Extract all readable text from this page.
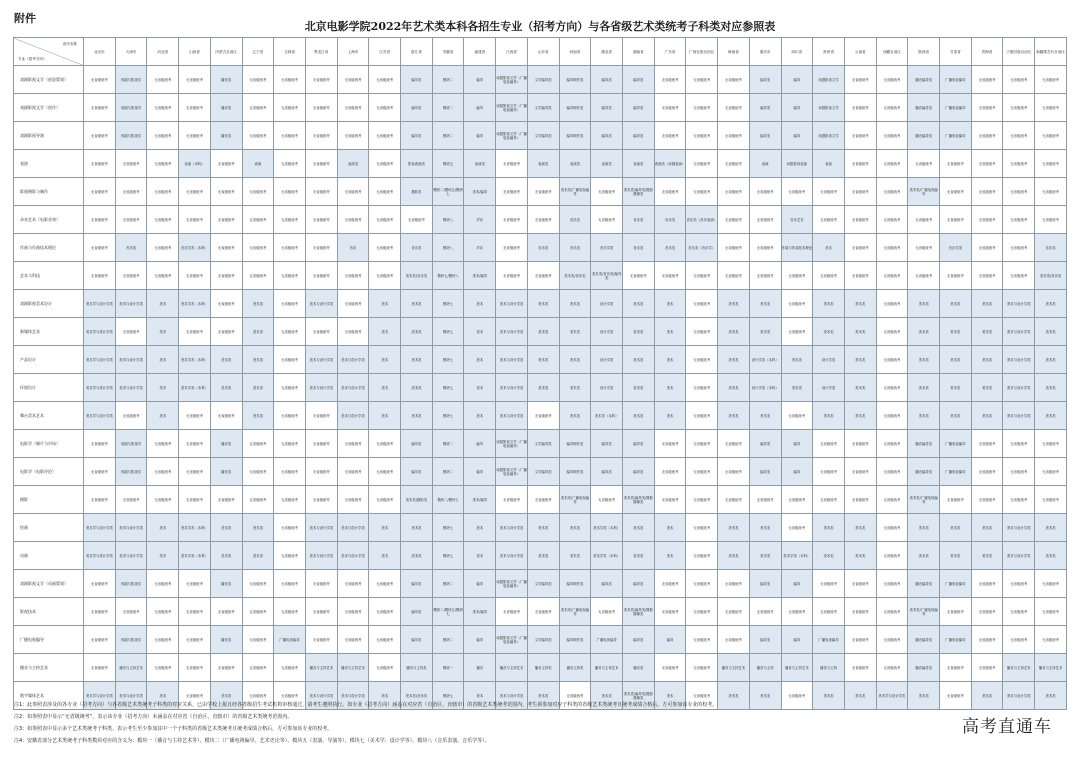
附件
北京电影学院2022年艺术类本科各招生专业（招考方向）与各省级艺术类统考子科类对应参照表
省市名称
专业（招考方向）	北京市	天津市	河北省	山西省	内蒙古自治区	辽宁省	吉林省	黑龙江省	上海市	江苏省	浙江省	安徽省	福建省	江西省	山东省	河南省	湖北省	湖南省	广东省	广西壮族自治区	海南省	重庆市	四川省	贵州省	云南省	西藏自治区	陕西省	甘肃省	青海省	宁夏回族自治区	新疆维吾尔自治区
戏剧影视文学（创意策划）	无省级统考	戏剧与影视学	无省级统考	无省级统考	播音类	无省级统考	无省级统考	无省级统考	无省级统考	无省级统考	编导类	模块二	编导	戏剧影视文学（广播电视编导）	文学编导类	编导制作类	编导类	编导类	无省级统考	无省级统考	无省级统考	编导类	编导	戏剧影视文学	无省级统考	无省级统考	播音编导类	广播电视编导	无省级统考	无省级统考	无省级统考
戏剧影视文学（创作）	无省级统考	戏剧与影视学	无省级统考	无省级统考	播音类	无省级统考	无省级统考	无省级统考	无省级统考	无省级统考	编导类	模块二	编导	戏剧影视文学（广播电视编导）	文学编导类	编导制作类	编导类	编导类	无省级统考	无省级统考	无省级统考	编导类	编导	戏剧影视文学	无省级统考	无省级统考	播音编导类	广播电视编导	无省级统考	无省级统考	无省级统考
戏剧影视导演	无省级统考	戏剧与影视学	无省级统考	无省级统考	播音类	无省级统考	无省级统考	无省级统考	无省级统考	无省级统考	编导类	模块二	编导	戏剧影视文学（广播电视编导）	文学编导类	编导制作类	编导类	编导类	无省级统考	无省级统考	无省级统考	编导类	编导	戏剧影视文学	无省级统考	无省级统考	播音编导类	广播电视编导	无省级统考	无省级统考	无省级统考
表演	无省级统考	无省级统考	无省级统考	表演（本科）	无省级统考	表演	无省级统考	无省级统考	表演类	无省级统考	影视表演类	模块五	表演类	无省级统考	表演类	表演类	表演类	表演类	表演类（戏剧表演）	无省级统考	无省级统考	表演	戏剧影视表演	表演	无省级统考	无省级统考	无省级统考	无省级统考	无省级统考	无省级统考	无省级统考
影视摄影与制作	无省级统考	无省级统考	无省级统考	无省级统考	无省级统考	无省级统考	无省级统考	无省级统考	无省级统考	无省级统考	摄影类	模块二/模块五/模块七	美术/编导	无省级统考	无省级统考	美术类/广播电视编导	无省级统考	美术类/编导类/摄影摄像类	无省级统考	无省级统考	无省级统考	无省级统考	无省级统考	无省级统考	无省级统考	无省级统考	美术类/广播电视编导	无省级统考	无省级统考	无省级统考	无省级统考
录音艺术（电影音效）	无省级统考	无省级统考	无省级统考	无省级统考	无省级统考	无省级统考	无省级统考	无省级统考	无省级统考	无省级统考	无省级统考	模块八	声乐	无省级统考	无省级统考	音乐类	无省级统考	音乐类	音乐类	音乐类（音乐表演）	无省级统考	无省级统考	音乐艺术	无省级统考	无省级统考	无省级统考	无省级统考	无省级统考	无省级统考	无省级统考	无省级统考
作曲与作曲技术理论	无省级统考	音乐类	无省级统考	音乐学类（本科）	无省级统考	无省级统考	无省级统考	无省级统考	音乐	无省级统考	音乐类	模块八	声乐	无省级统考	音乐类	音乐类	音乐学类	音乐类	音乐类	音乐类（音乐学）	无省级统考	无省级统考	作曲与作曲技术理论	音乐	无省级统考	无省级统考	无省级统考	音乐学类	无省级统考	无省级统考	音乐类
艺术与科技	无省级统考	无省级统考	无省级统考	无省级统考	无省级统考	无省级统考	无省级统考	无省级统考	无省级统考	无省级统考	美术类/音乐类	模块七/模块八	美术/编导	无省级统考	无省级统考	美术类/音乐类	美术类/音乐类/编导类	无省级统考	无省级统考	无省级统考	无省级统考	无省级统考	无省级统考	无省级统考	无省级统考	无省级统考	无省级统考	无省级统考	无省级统考	无省级统考	美术类/音乐类
戏剧影视美术设计	美术学与设计学类	美术与设计学类	美术	美术学类（本科）	无省级统考	美术类	无省级统考	美术与设计学类	无省级统考	美术	美术类	模块七	美术	美术与设计学类	美术类	美术类	设计学类	美术类	美术	无省级统考	美术类	美术类	无省级统考	美术类	美术类	无省级统考	美术类	美术类	美术类	美术与设计学类	美术类
新媒体艺术	美术学与设计学类	无省级统考	美术	无省级统考	无省级统考	美术类	无省级统考	无省级统考	无省级统考	美术	美术类	模块七	美术	美术与设计学类	美术类	美术类	设计学类	美术类	美术	无省级统考	美术类	美术类	无省级统考	美术类	美术类	无省级统考	美术类	美术类	美术类	美术与设计学类	美术类
产品设计	美术学与设计学类	美术与设计学类	美术	美术学类（本科）	美术类	美术类	无省级统考	美术与设计学类	美术与设计学类	美术	美术类	模块七	美术	美术与设计学类	美术类	美术类	设计学类	美术类	美术	无省级统考	美术类	设计学类（本科）	美术类	设计学类	美术类	无省级统考	美术类	美术类	美术类	美术与设计学类	美术类
环境设计	美术学与设计学类	美术与设计学类	美术	美术学类（本科）	美术类	美术类	无省级统考	美术与设计学类	美术与设计学类	美术	美术类	模块七	美术	美术与设计学类	美术类	美术类	设计学类	美术类	美术	无省级统考	美术类	设计学类（本科）	美术类	设计学类	美术类	无省级统考	美术类	美术类	美术类	美术与设计学类	美术类
舞台美术艺术	美术学与设计学类	无省级统考	美术	无省级统考	无省级统考	美术类	无省级统考	无省级统考	美术与设计学类	美术	美术类	模块七	美术	美术与设计学类	无省级统考	美术类	美术类（本科）	美术类	美术	无省级统考	美术类	美术类	无省级统考	美术类	美术类	无省级统考	美术类	美术类	美术类	美术与设计学类	美术类
电影学（制片与市场）	无省级统考	戏剧与影视学	无省级统考	无省级统考	播音类	无省级统考	无省级统考	无省级统考	无省级统考	无省级统考	编导类	模块二	编导	戏剧影视文学（广播电视编导）	文学编导类	编导制作类	编导类	编导类	无省级统考	无省级统考	无省级统考	编导类	编导	无省级统考	无省级统考	无省级统考	播音编导类	广播电视编导	无省级统考	无省级统考	无省级统考
电影学（电影评论）	无省级统考	戏剧与影视学	无省级统考	无省级统考	播音类	无省级统考	无省级统考	无省级统考	无省级统考	无省级统考	编导类	模块二	编导	戏剧影视文学（广播电视编导）	文学编导类	编导制作类	编导类	编导类	无省级统考	无省级统考	无省级统考	编导类	编导	无省级统考	无省级统考	无省级统考	播音编导类	广播电视编导	无省级统考	无省级统考	无省级统考
摄影	无省级统考	无省级统考	无省级统考	无省级统考	无省级统考	无省级统考	无省级统考	无省级统考	无省级统考	无省级统考	美术类/摄影类	模块二/模块七	美术/编导	无省级统考	无省级统考	美术类/广播电视编导	无省级统考	美术类/编导类/摄影摄像类	无省级统考	无省级统考	无省级统考	无省级统考	无省级统考	无省级统考	无省级统考	无省级统考	美术类/广播电视编导	无省级统考	无省级统考	无省级统考	无省级统考
绘画	美术学与设计学类	美术与设计学类	美术	美术学类（本科）	美术类	美术类	无省级统考	美术与设计学类	美术与设计学类	美术	美术类	模块七	美术	美术与设计学类	美术类	美术类	美术学类（本科）	美术类	美术	无省级统考	美术类	美术类	无省级统考	美术类	美术类	无省级统考	美术类	美术类	美术类	美术与设计学类	美术类
动画	美术学与设计学类	美术与设计学类	美术	美术学类（本科）	美术类	美术类	无省级统考	美术与设计学类	美术与设计学类	美术	美术类	模块七	美术	美术与设计学类	美术类	美术类	美术学类（本科）	美术类	美术	无省级统考	美术类	美术类	美术学类（本科）	美术类	美术类	无省级统考	美术类	美术类	美术类	美术与设计学类	美术类
戏剧影视文学（动画策划）	无省级统考	戏剧与影视学	无省级统考	无省级统考	播音类	无省级统考	无省级统考	无省级统考	无省级统考	无省级统考	编导类	模块二	编导	戏剧影视文学（广播电视编导）	文学编导类	编导制作类	编导类	编导类	无省级统考	无省级统考	无省级统考	编导类	编导	无省级统考	无省级统考	无省级统考	播音编导类	广播电视编导	无省级统考	无省级统考	无省级统考
影视技术	无省级统考	无省级统考	无省级统考	无省级统考	无省级统考	无省级统考	无省级统考	无省级统考	无省级统考	无省级统考	编导类	模块二/模块五/模块七	美术/编导	无省级统考	无省级统考	美术类/广播电视编导	无省级统考	美术类/编导类/摄影摄像类	无省级统考	无省级统考	无省级统考	无省级统考	无省级统考	无省级统考	无省级统考	无省级统考	美术类/广播电视编导	无省级统考	无省级统考	无省级统考	无省级统考
广播电视编导	无省级统考	戏剧与影视学	无省级统考	无省级统考	播音类	无省级统考	广播电视编导	无省级统考	无省级统考	无省级统考	编导类	模块二	编导	戏剧影视文学（广播电视编导）	文学编导类	编导制作类	广播电视编导	编导类	编导	无省级统考	无省级统考	编导类	编导	广播电视编导	无省级统考	无省级统考	播音编导类	广播电视编导	无省级统考	无省级统考	无省级统考
播音与主持艺术	无省级统考	播音与主持艺术	无省级统考	无省级统考	无省级统考	无省级统考	无省级统考	播音与主持艺术	播音与主持艺术	无省级统考	播音与主持类	模块一	播音	播音与主持艺术	播音主持类	播音主持类	播音与主持艺术	播音类	无省级统考	无省级统考	播音与主持艺术	播音与主持	播音与主持艺术	播音与主持	无省级统考	无省级统考	播音编导类	无省级统考	无省级统考	播音与主持艺术	播音与主持艺术
数字媒体艺术	美术学与设计学类	美术与设计学类	美术	无省级统考	美术类	无省级统考	无省级统考	美术与设计学类	美术与设计学类	美术	美术类/音乐类	模块七	美术	美术与设计学类	美术类	无省级统考	美术类	美术类/编导类/摄影摄像类	美术	无省级统考	美术类	美术类	无省级统考	美术类	美术类	美术学与设计学类	美术类	无省级统考	美术类	美术与设计学类	美术类
注1：此参照表涉及的各专业（招考方向）与各省级艺术类统考子科类的对应关系，已由学校上报且经各省级招生考试机构审核通过，请考生遵照执行。如专业（招考方向）涵盖在对应省（自治区、直辖市）的省级艺术类统考范围内，考生须参加对应子科类的省级艺术类统考且统考成绩合格后，方可参加该专业的校考。
注2：如参照表中显示“无省级统考”，表示该专业（招考方向）未涵盖在对应省（自治区、直辖市）的省级艺术类统考范围内。
注3：如参照表中显示多个艺术类统考子科类，表示考生至少参加其中一个子科类的省级艺术类统考且统考成绩合格后，方可参加该专业的校考。
注4：安徽省部分艺术类统考子科类模块对应的含义为：模块一（播音与主持艺术等）、模块二（广播电视编导、艺术史论等）、模块五（表演、导演等）、模块七（美术学、设计学等）、模块八（音乐表演、音乐学等）。
高考直通车
